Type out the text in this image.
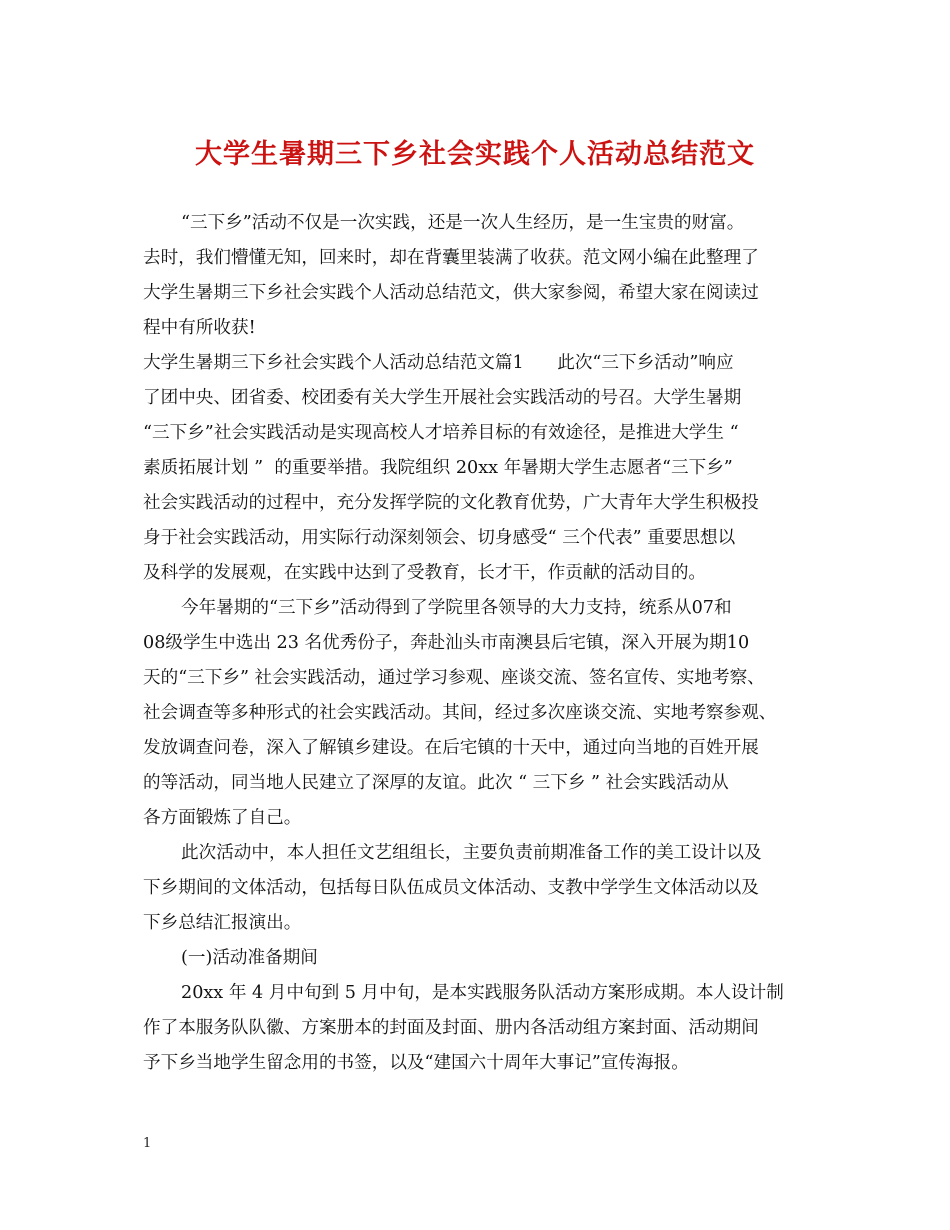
大学生暑期三下乡社会实践个人活动总结范文
“三下乡”活动不仅是一次实践，还是一次人生经历，是一生宝贵的财富。
去时，我们懵懂无知，回来时，却在背囊里装满了收获。范文网小编在此整理了
大学生暑期三下乡社会实践个人活动总结范文，供大家参阅，希望大家在阅读过
程中有所收获!
大学生暑期三下乡社会实践个人活动总结范文篇1      此次“三下乡活动”响应
了团中央、团省委、校团委有关大学生开展社会实践活动的号召。大学生暑期
“三下乡”社会实践活动是实现高校人才培养目标的有效途径，是推进大学生 “
素质拓展计划 ”  的重要举措。我院组织 20xx 年暑期大学生志愿者“三下乡”
社会实践活动的过程中，充分发挥学院的文化教育优势，广大青年大学生积极投
身于社会实践活动，用实际行动深刻领会、切身感受“ 三个代表” 重要思想以
及科学的发展观，在实践中达到了受教育，长才干，作贡献的活动目的。
今年暑期的“三下乡”活动得到了学院里各领导的大力支持，统系从07和
08级学生中选出 23 名优秀份子，奔赴汕头市南澳县后宅镇，深入开展为期10
天的“三下乡” 社会实践活动，通过学习参观、座谈交流、签名宣传、实地考察、
社会调查等多种形式的社会实践活动。其间，经过多次座谈交流、实地考察参观、
发放调查问卷，深入了解镇乡建设。在后宅镇的十天中，通过向当地的百姓开展
的等活动，同当地人民建立了深厚的友谊。此次 “ 三下乡 ” 社会实践活动从
各方面锻炼了自己。
此次活动中，本人担任文艺组组长，主要负责前期准备工作的美工设计以及
下乡期间的文体活动，包括每日队伍成员文体活动、支教中学学生文体活动以及
下乡总结汇报演出。
(一)活动准备期间
20xx 年 4 月中旬到 5 月中旬，是本实践服务队活动方案形成期。本人设计制
作了本服务队队徽、方案册本的封面及封面、册内各活动组方案封面、活动期间
予下乡当地学生留念用的书签，以及“建国六十周年大事记”宣传海报。
1
